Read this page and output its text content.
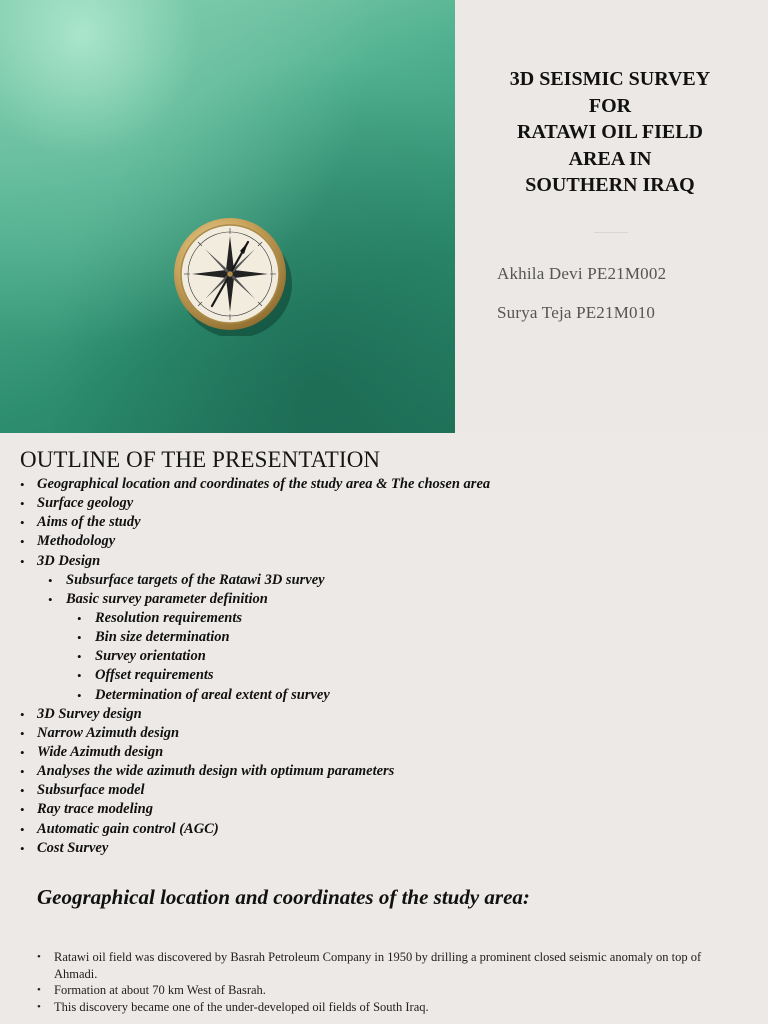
3D SEISMIC SURVEY
FOR
RATAWI OIL FIELD
AREA IN
SOUTHERN IRAQ
Akhila Devi PE21M002
Surya Teja PE21M010
OUTLINE OF THE PRESENTATION
• Geographical location and coordinates of the study area & The chosen area
• Surface geology
• Aims of the study
• Methodology
• 3D Design
• Subsurface targets of the Ratawi 3D survey
• Basic survey parameter definition
• Resolution requirements
• Bin size determination
• Survey orientation
• Offset requirements
• Determination of areal extent of survey
• 3D Survey design
• Narrow Azimuth design
• Wide Azimuth design
• Analyses the wide azimuth design with optimum parameters
• Subsurface model
• Ray trace modeling
• Automatic gain control (AGC)
• Cost Survey
Geographical location and coordinates of the study area:
• Ratawi oil field was discovered by Basrah Petroleum Company in 1950 by drilling a prominent closed seismic anomaly on top of Ahmadi.
• Formation at about 70 km West of Basrah.
• This discovery became one of the under-developed oil fields of South Iraq.
